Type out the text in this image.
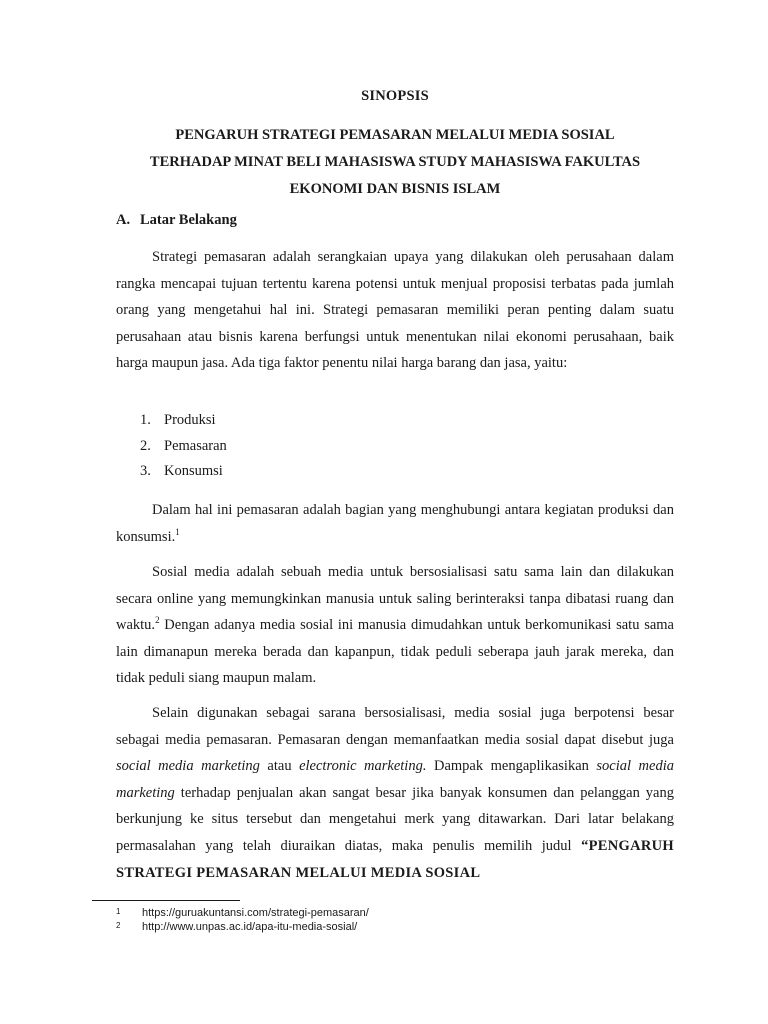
SINOPSIS
PENGARUH STRATEGI PEMASARAN MELALUI MEDIA SOSIAL
TERHADAP MINAT BELI MAHASISWA STUDY MAHASISWA FAKULTAS
EKONOMI DAN BISNIS ISLAM
A. Latar Belakang

Strategi pemasaran adalah serangkaian upaya yang dilakukan oleh perusahaan dalam rangka mencapai tujuan tertentu karena potensi untuk menjual proposisi terbatas pada jumlah orang yang mengetahui hal ini. Strategi pemasaran memiliki peran penting dalam suatu perusahaan atau bisnis karena berfungsi untuk menentukan nilai ekonomi perusahaan, baik harga maupun jasa. Ada tiga faktor penentu nilai harga barang dan jasa, yaitu:

1. Produksi
2. Pemasaran
3. Konsumsi

Dalam hal ini pemasaran adalah bagian yang menghubungi antara kegiatan produksi dan konsumsi.$^1$

Sosial media adalah sebuah media untuk bersosialisasi satu sama lain dan dilakukan secara online yang memungkinkan manusia untuk saling berinteraksi tanpa dibatasi ruang dan waktu.$^2$ Dengan adanya media sosial ini manusia dimudahkan untuk berkomunikasi satu sama lain dimanapun mereka berada dan kapanpun, tidak peduli seberapa jauh jarak mereka, dan tidak peduli siang maupun malam.

Selain digunakan sebagai sarana bersosialisasi, media sosial juga berpotensi besar sebagai media pemasaran. Pemasaran dengan memanfaatkan media sosial dapat disebut juga social media marketing atau electronic marketing. Dampak mengaplikasikan social media marketing terhadap penjualan akan sangat besar jika banyak konsumen dan pelanggan yang berkunjung ke situs tersebut dan mengetahui merk yang ditawarkan. Dari latar belakang permasalahan yang telah diuraikan diatas, maka penulis memilih judul “PENGARUH STRATEGI PEMASARAN MELALUI MEDIA SOSIAL

1 https://guruakuntansi.com/strategi-pemasaran/
2 http://www.unpas.ac.id/apa-itu-media-sosial/
